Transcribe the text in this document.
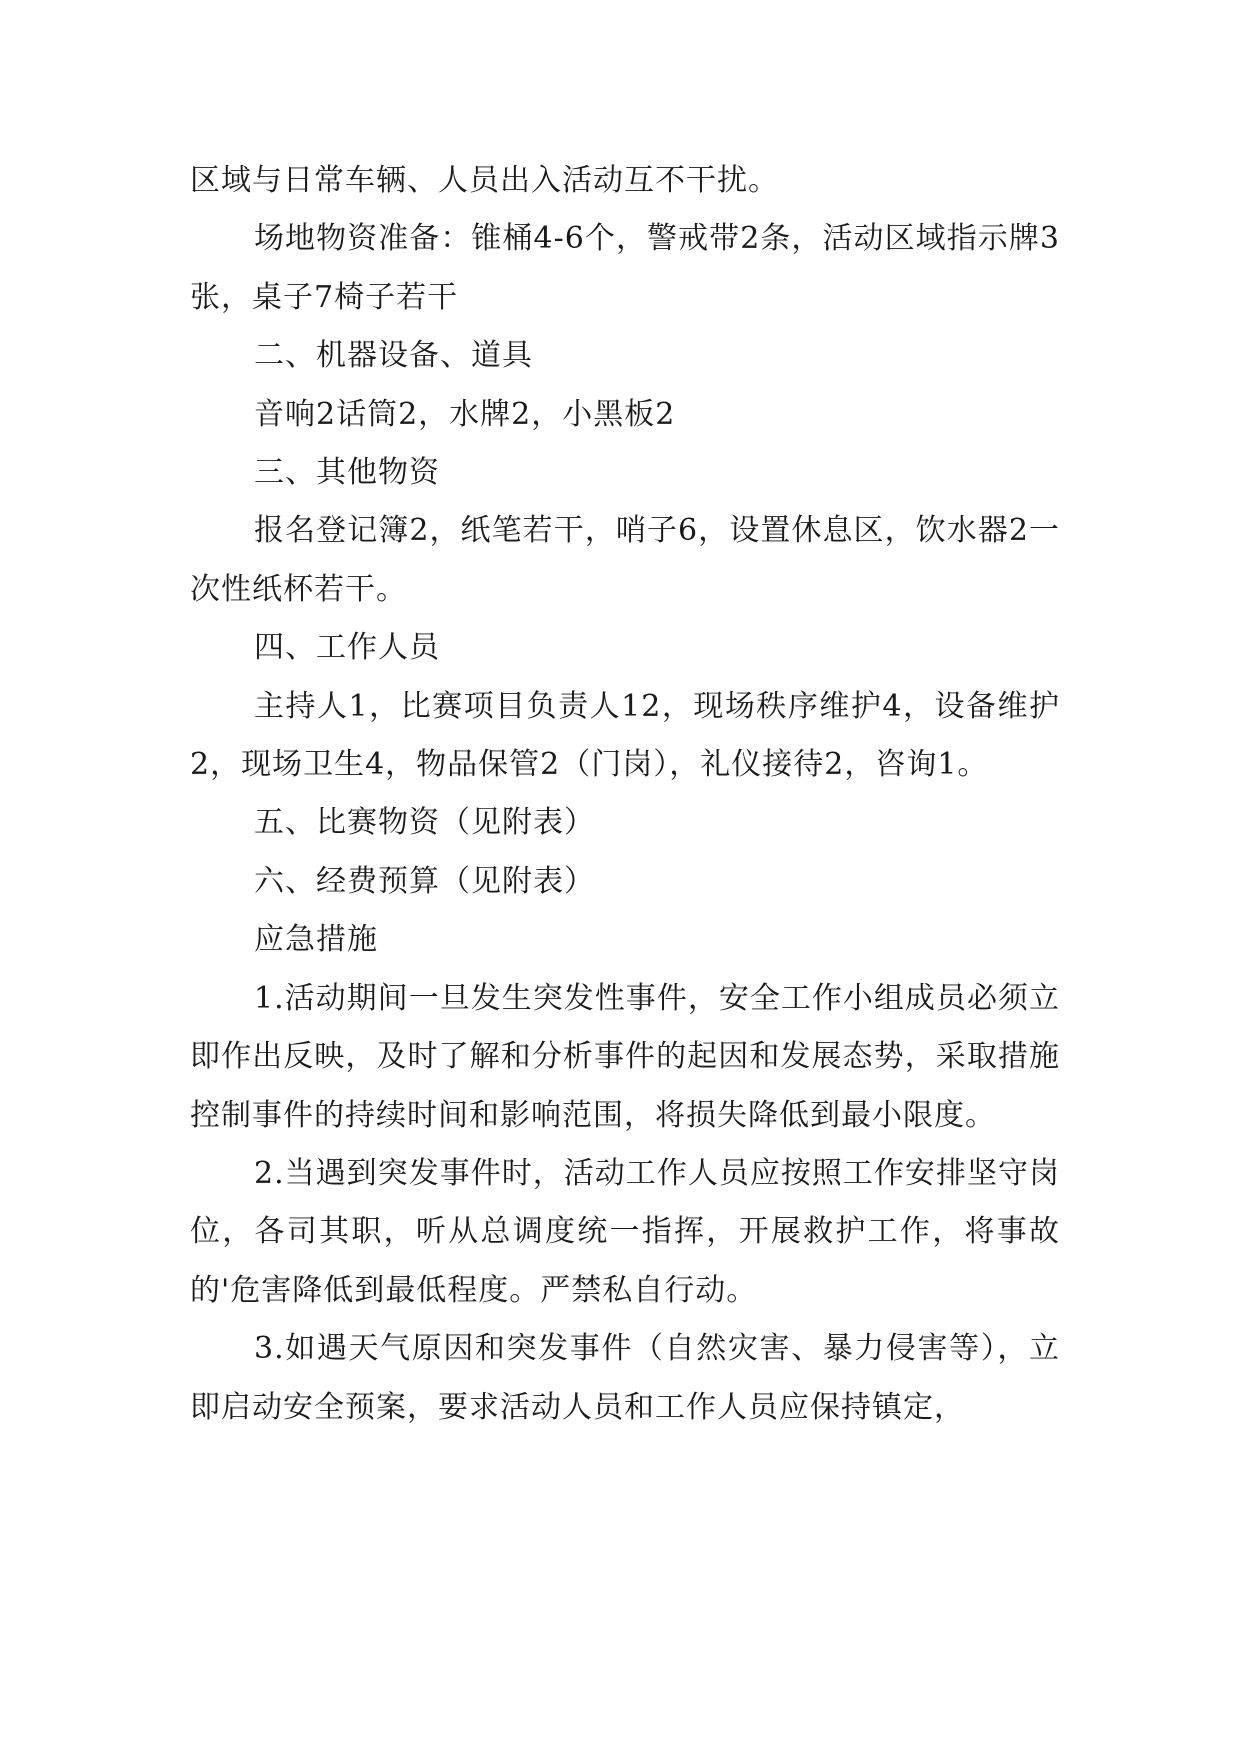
区域与日常车辆、人员出入活动互不干扰。

场地物资准备：锥桶4-6个，警戒带2条，活动区域指示牌3张，桌子7椅子若干

二、机器设备、道具

音响2话筒2，水牌2，小黑板2

三、其他物资

报名登记簿2，纸笔若干，哨子6，设置休息区，饮水器2一次性纸杯若干。

四、工作人员

主持人1，比赛项目负责人12，现场秩序维护4，设备维护2，现场卫生4，物品保管2（门岗），礼仪接待2，咨询1。

五、比赛物资（见附表）

六、经费预算（见附表）

应急措施

1.活动期间一旦发生突发性事件，安全工作小组成员必须立即作出反映，及时了解和分析事件的起因和发展态势，采取措施控制事件的持续时间和影响范围，将损失降低到最小限度。

2.当遇到突发事件时，活动工作人员应按照工作安排坚守岗位，各司其职，听从总调度统一指挥，开展救护工作，将事故的'危害降低到最低程度。严禁私自行动。

3.如遇天气原因和突发事件（自然灾害、暴力侵害等），立即启动安全预案，要求活动人员和工作人员应保持镇定，
